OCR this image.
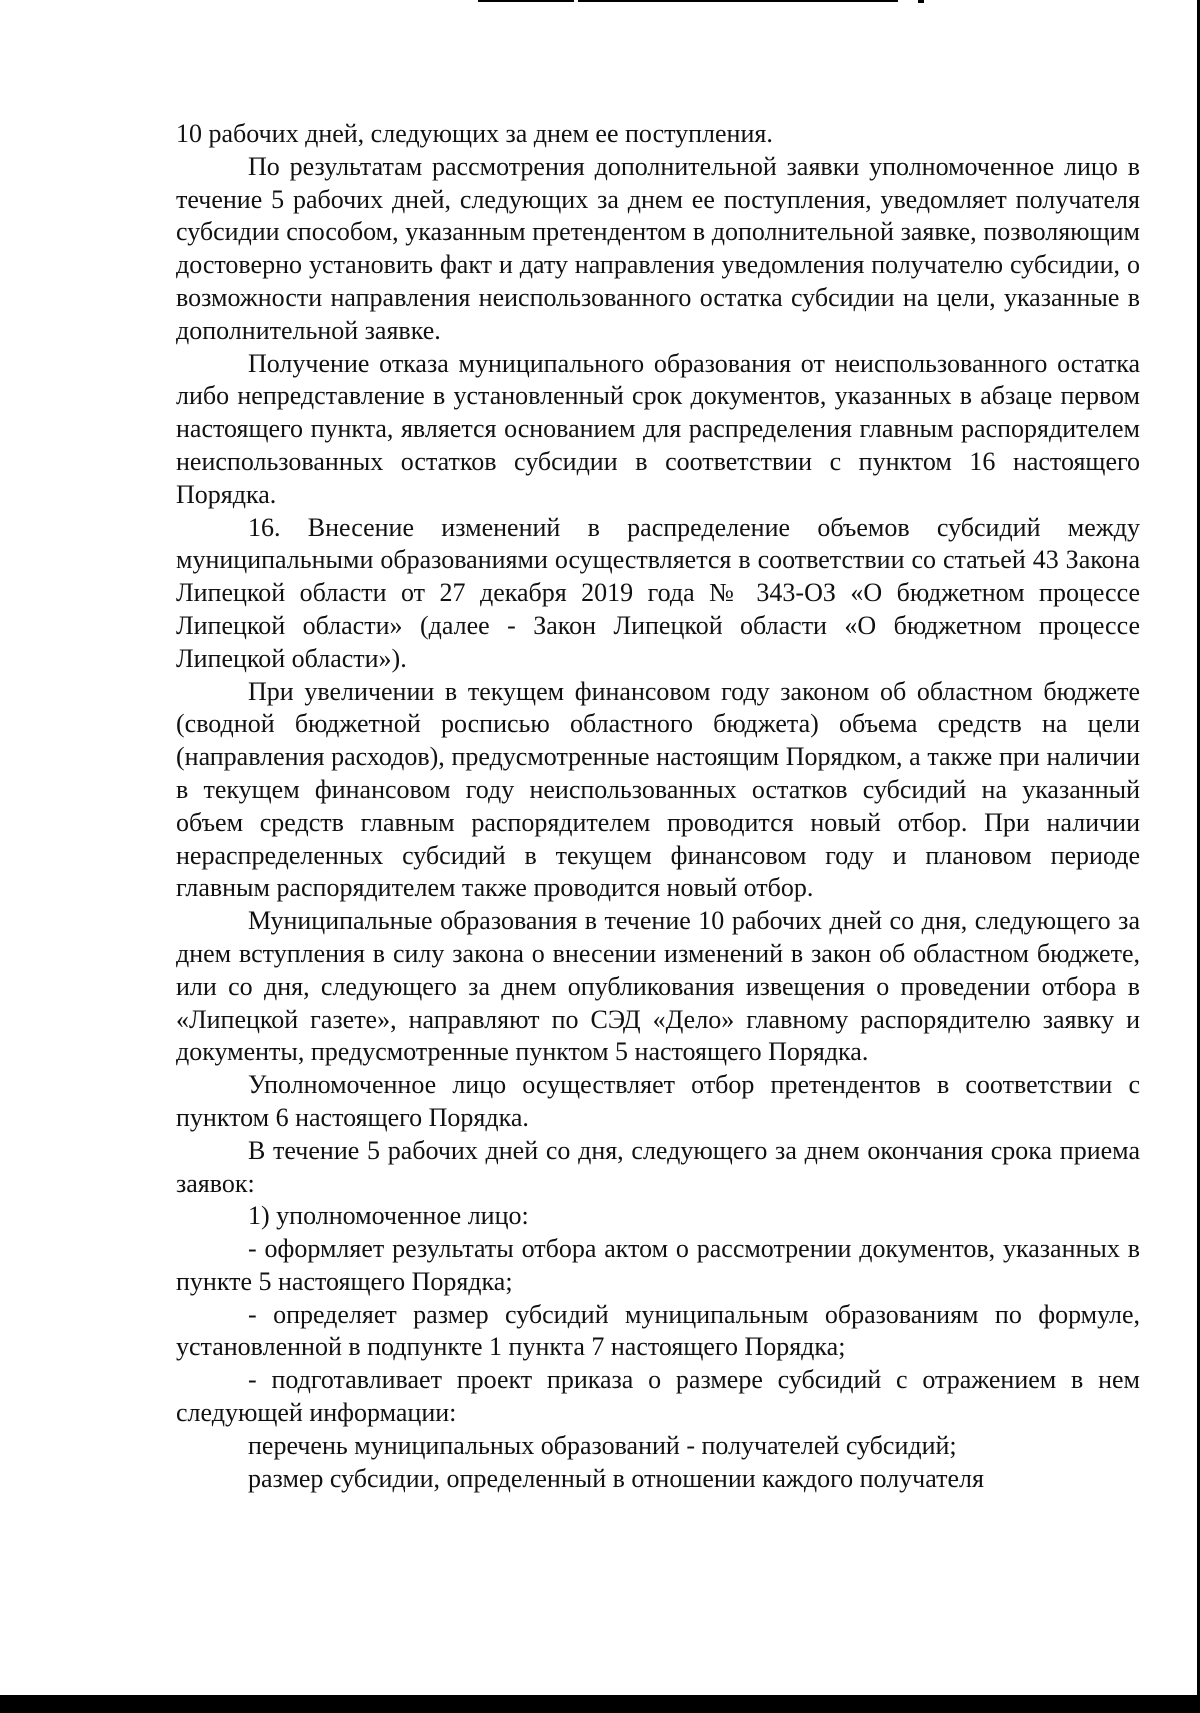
10 рабочих дней, следующих за днем ее поступления.

По результатам рассмотрения дополнительной заявки уполномоченное лицо в течение 5 рабочих дней, следующих за днем ее поступления, уведомляет получателя субсидии способом, указанным претендентом в дополнительной заявке, позволяющим достоверно установить факт и дату направления уведомления получателю субсидии, о возможности направления неиспользованного остатка субсидии на цели, указанные в дополнительной заявке.

Получение отказа муниципального образования от неиспользованного остатка либо непредставление в установленный срок документов, указанных в абзаце первом настоящего пункта, является основанием для распределения главным распорядителем неиспользованных остатков субсидии в соответствии с пунктом 16 настоящего Порядка.

16. Внесение изменений в распределение объемов субсидий между муниципальными образованиями осуществляется в соответствии со статьей 43 Закона Липецкой области от 27 декабря 2019 года № 343-ОЗ «О бюджетном процессе Липецкой области» (далее - Закон Липецкой области «О бюджетном процессе Липецкой области»).

При увеличении в текущем финансовом году законом об областном бюджете (сводной бюджетной росписью областного бюджета) объема средств на цели (направления расходов), предусмотренные настоящим Порядком, а также при наличии в текущем финансовом году неиспользованных остатков субсидий на указанный объем средств главным распорядителем проводится новый отбор. При наличии нераспределенных субсидий в текущем финансовом году и плановом периоде главным распорядителем также проводится новый отбор.

Муниципальные образования в течение 10 рабочих дней со дня, следующего за днем вступления в силу закона о внесении изменений в закон об областном бюджете, или со дня, следующего за днем опубликования извещения о проведении отбора в «Липецкой газете», направляют по СЭД «Дело» главному распорядителю заявку и документы, предусмотренные пунктом 5 настоящего Порядка.

Уполномоченное лицо осуществляет отбор претендентов в соответствии с пунктом 6 настоящего Порядка.

В течение 5 рабочих дней со дня, следующего за днем окончания срока приема заявок:

1) уполномоченное лицо:

- оформляет результаты отбора актом о рассмотрении документов, указанных в пункте 5 настоящего Порядка;

- определяет размер субсидий муниципальным образованиям по формуле, установленной в подпункте 1 пункта 7 настоящего Порядка;

- подготавливает проект приказа о размере субсидий с отражением в нем следующей информации:

перечень муниципальных образований - получателей субсидий;

размер субсидии, определенный в отношении каждого получателя
